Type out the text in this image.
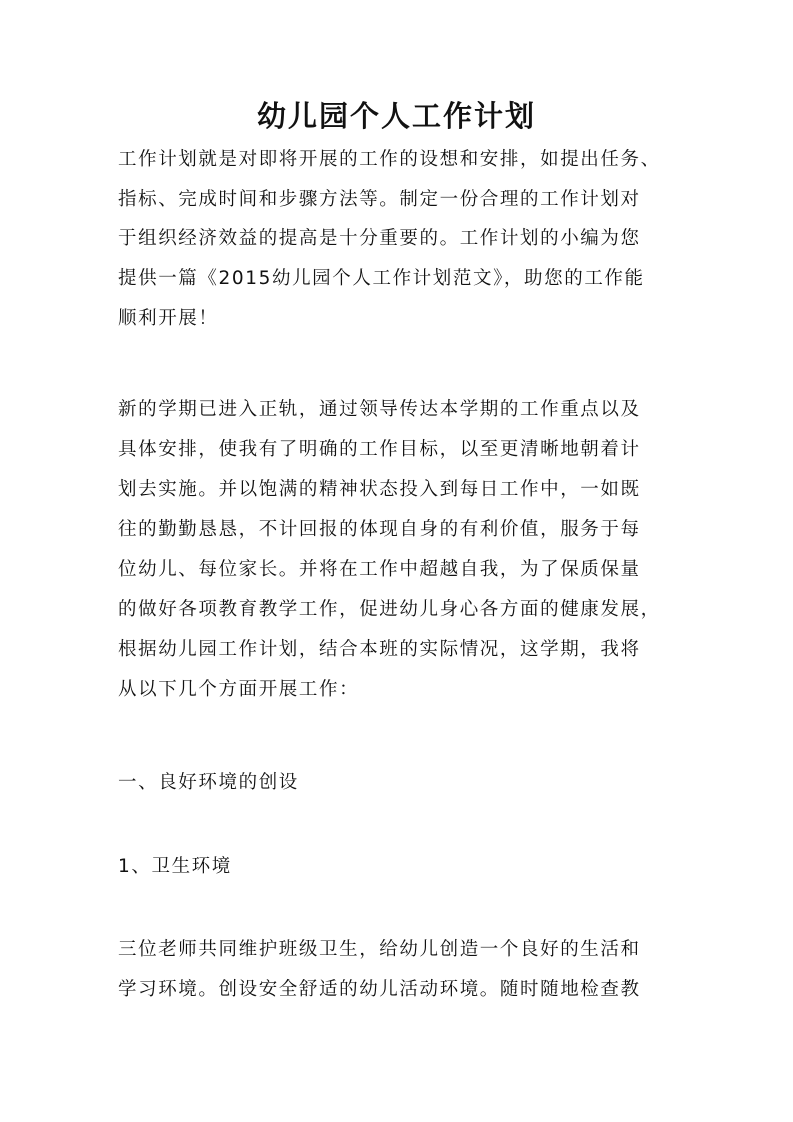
幼儿园个人工作计划
工作计划就是对即将开展的工作的设想和安排，如提出任务、
指标、完成时间和步骤方法等。制定一份合理的工作计划对
于组织经济效益的提高是十分重要的。工作计划的小编为您
提供一篇《2015幼儿园个人工作计划范文》，助您的工作能
顺利开展！
新的学期已进入正轨，通过领导传达本学期的工作重点以及
具体安排，使我有了明确的工作目标，以至更清晰地朝着计
划去实施。并以饱满的精神状态投入到每日工作中，一如既
往的勤勤恳恳，不计回报的体现自身的有利价值，服务于每
位幼儿、每位家长。并将在工作中超越自我，为了保质保量
的做好各项教育教学工作，促进幼儿身心各方面的健康发展，
根据幼儿园工作计划，结合本班的实际情况，这学期，我将
从以下几个方面开展工作：
一、良好环境的创设
1、卫生环境
三位老师共同维护班级卫生，给幼儿创造一个良好的生活和
学习环境。创设安全舒适的幼儿活动环境。随时随地检查教
